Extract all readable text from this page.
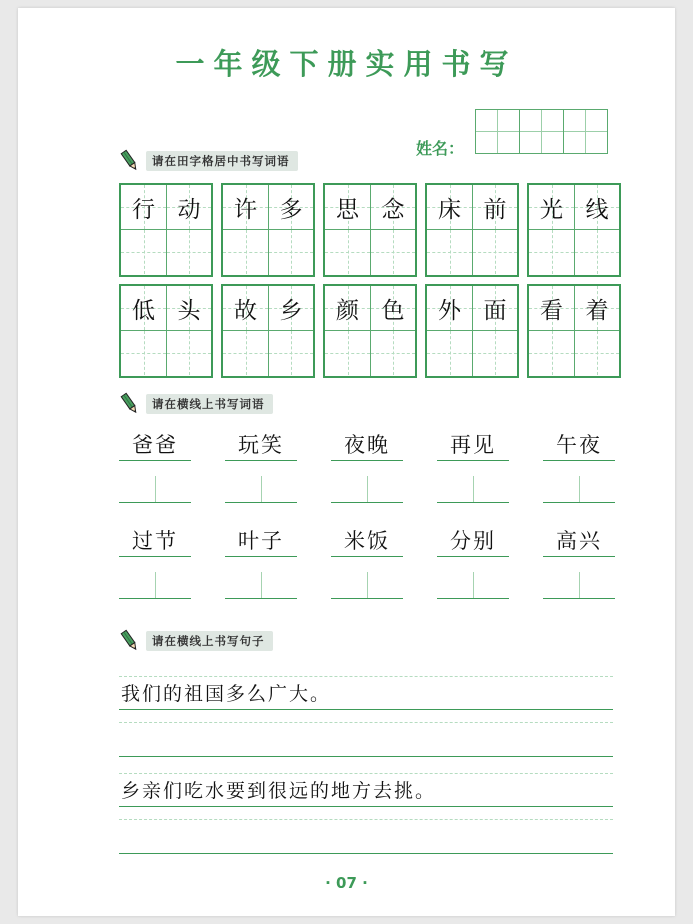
一年级下册实用书写
姓名：
请在田字格居中书写词语
行 动 许 多 思 念 床 前 光 线
低 头 故 乡 颜 色 外 面 看 着
请在横线上书写词语
爸爸	玩笑	夜晚	再见	午夜
过节	叶子	米饭	分别	高兴
请在横线上书写句子
我们的祖国多么广大。
乡亲们吃水要到很远的地方去挑。
· 07 ·
